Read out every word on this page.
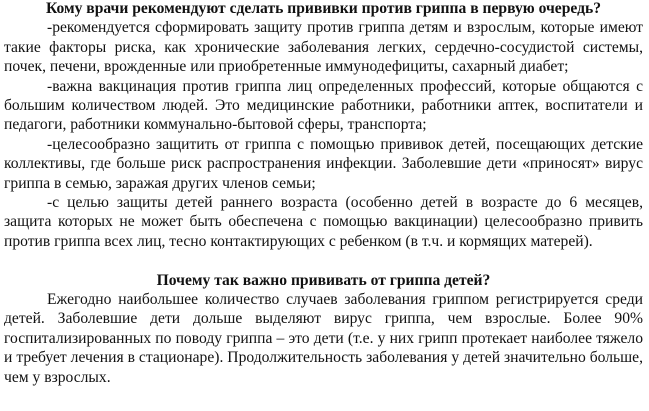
Кому врачи рекомендуют сделать прививки против гриппа в первую очередь?

-рекомендуется сформировать защиту против гриппа детям и взрослым, которые имеют такие факторы риска, как хронические заболевания легких, сердечно-сосудистой системы, почек, печени, врожденные или приобретенные иммунодефициты, сахарный диабет;

-важна вакцинация против гриппа лиц определенных профессий, которые общаются с большим количеством людей. Это медицинские работники, работники аптек, воспитатели и педагоги, работники коммунально-бытовой сферы, транспорта;

-целесообразно защитить от гриппа с помощью прививок детей, посещающих детские коллективы, где больше риск распространения инфекции. Заболевшие дети «приносят» вирус гриппа в семью, заражая других членов семьи;

-с целью защиты детей раннего возраста (особенно детей в возрасте до 6 месяцев, защита которых не может быть обеспечена с помощью вакцинации) целесообразно привить против гриппа всех лиц, тесно контактирующих с ребенком (в т.ч. и кормящих матерей).

Почему так важно прививать от гриппа детей?

Ежегодно наибольшее количество случаев заболевания гриппом регистрируется среди детей. Заболевшие дети дольше выделяют вирус гриппа, чем взрослые. Более 90% госпитализированных по поводу гриппа – это дети (т.е. у них грипп протекает наиболее тяжело и требует лечения в стационаре). Продолжительность заболевания у детей значительно больше, чем у взрослых.
